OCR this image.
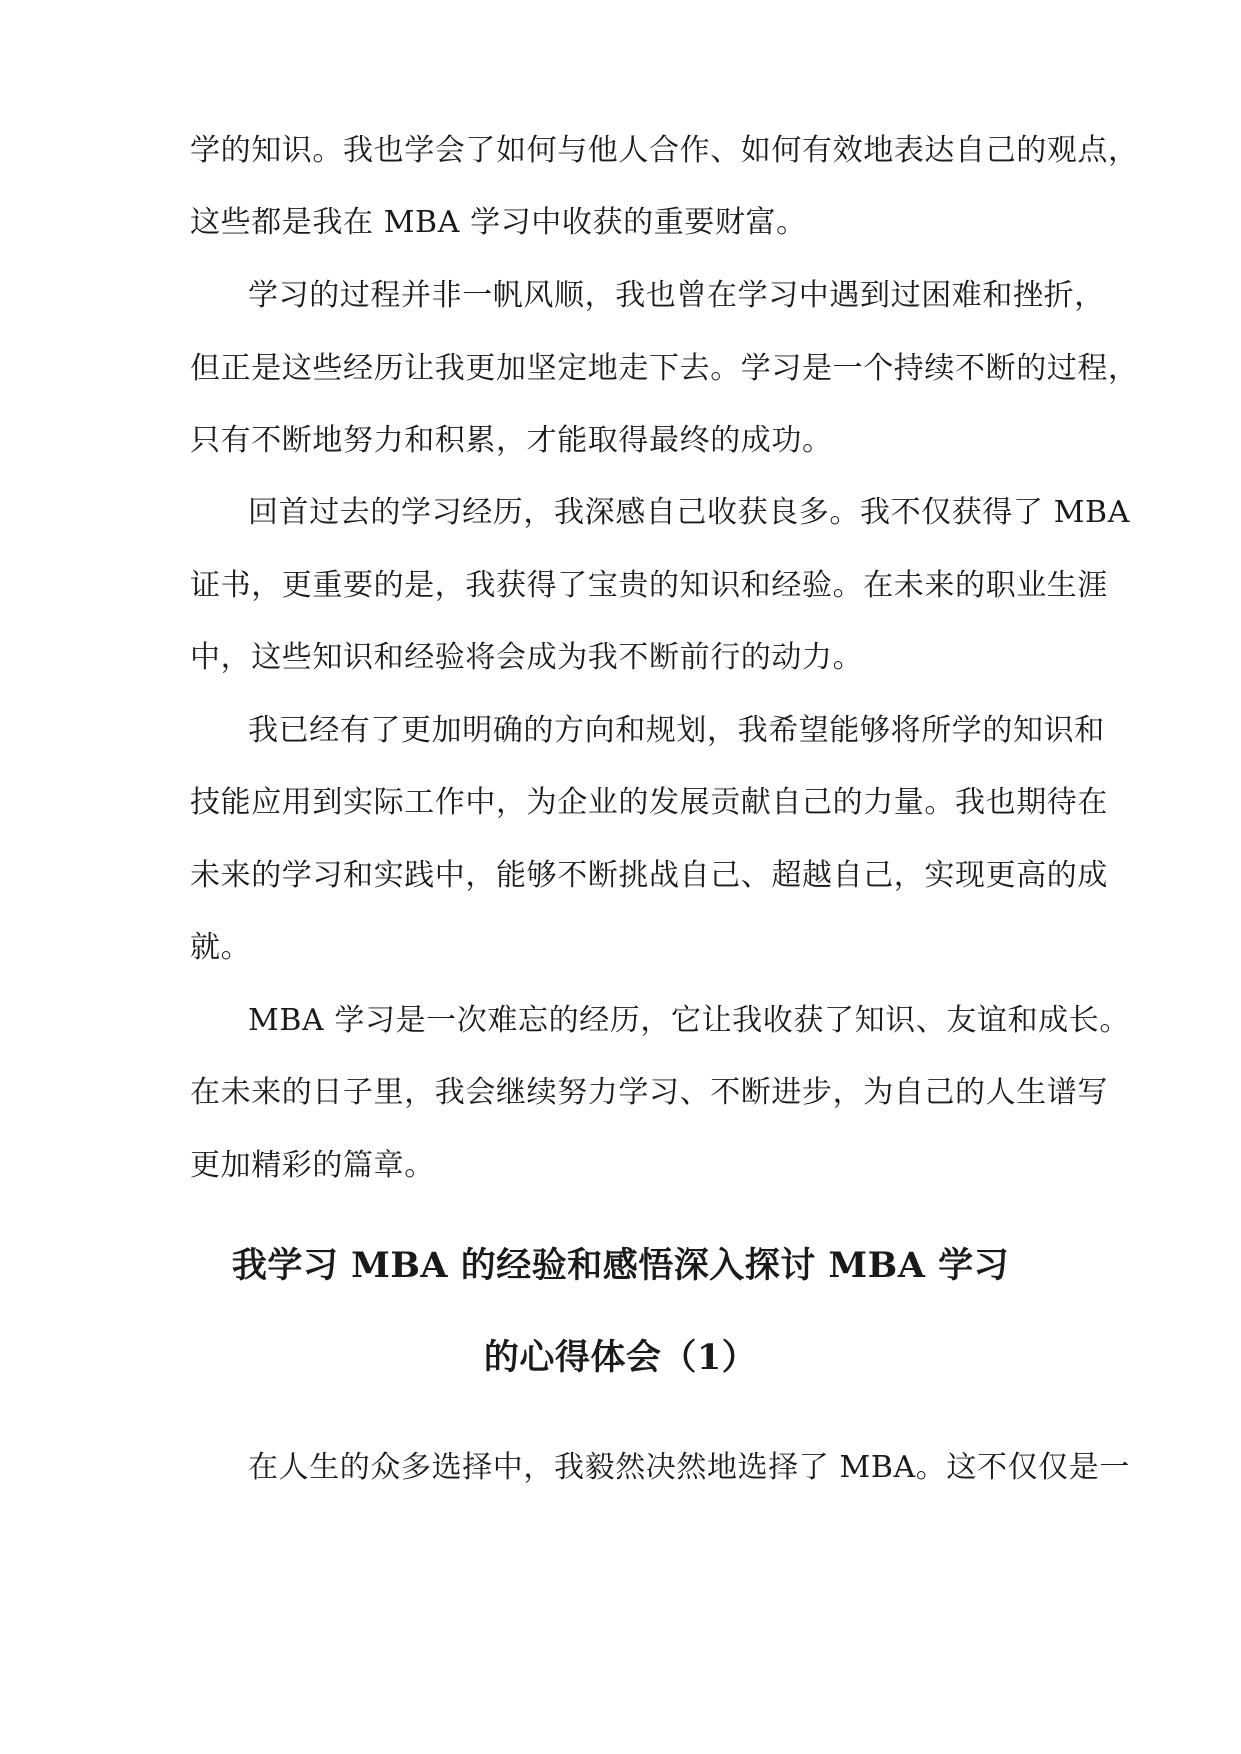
学的知识。我也学会了如何与他人合作、如何有效地表达自己的观点，
这些都是我在 MBA 学习中收获的重要财富。
学习的过程并非一帆风顺，我也曾在学习中遇到过困难和挫折，
但正是这些经历让我更加坚定地走下去。学习是一个持续不断的过程，
只有不断地努力和积累，才能取得最终的成功。
回首过去的学习经历，我深感自己收获良多。我不仅获得了 MBA
证书，更重要的是，我获得了宝贵的知识和经验。在未来的职业生涯
中，这些知识和经验将会成为我不断前行的动力。
我已经有了更加明确的方向和规划，我希望能够将所学的知识和
技能应用到实际工作中，为企业的发展贡献自己的力量。我也期待在
未来的学习和实践中，能够不断挑战自己、超越自己，实现更高的成
就。
MBA 学习是一次难忘的经历，它让我收获了知识、友谊和成长。
在未来的日子里，我会继续努力学习、不断进步，为自己的人生谱写
更加精彩的篇章。
我学习 MBA 的经验和感悟深入探讨 MBA 学习
的心得体会（1）
在人生的众多选择中，我毅然决然地选择了 MBA。这不仅仅是一
